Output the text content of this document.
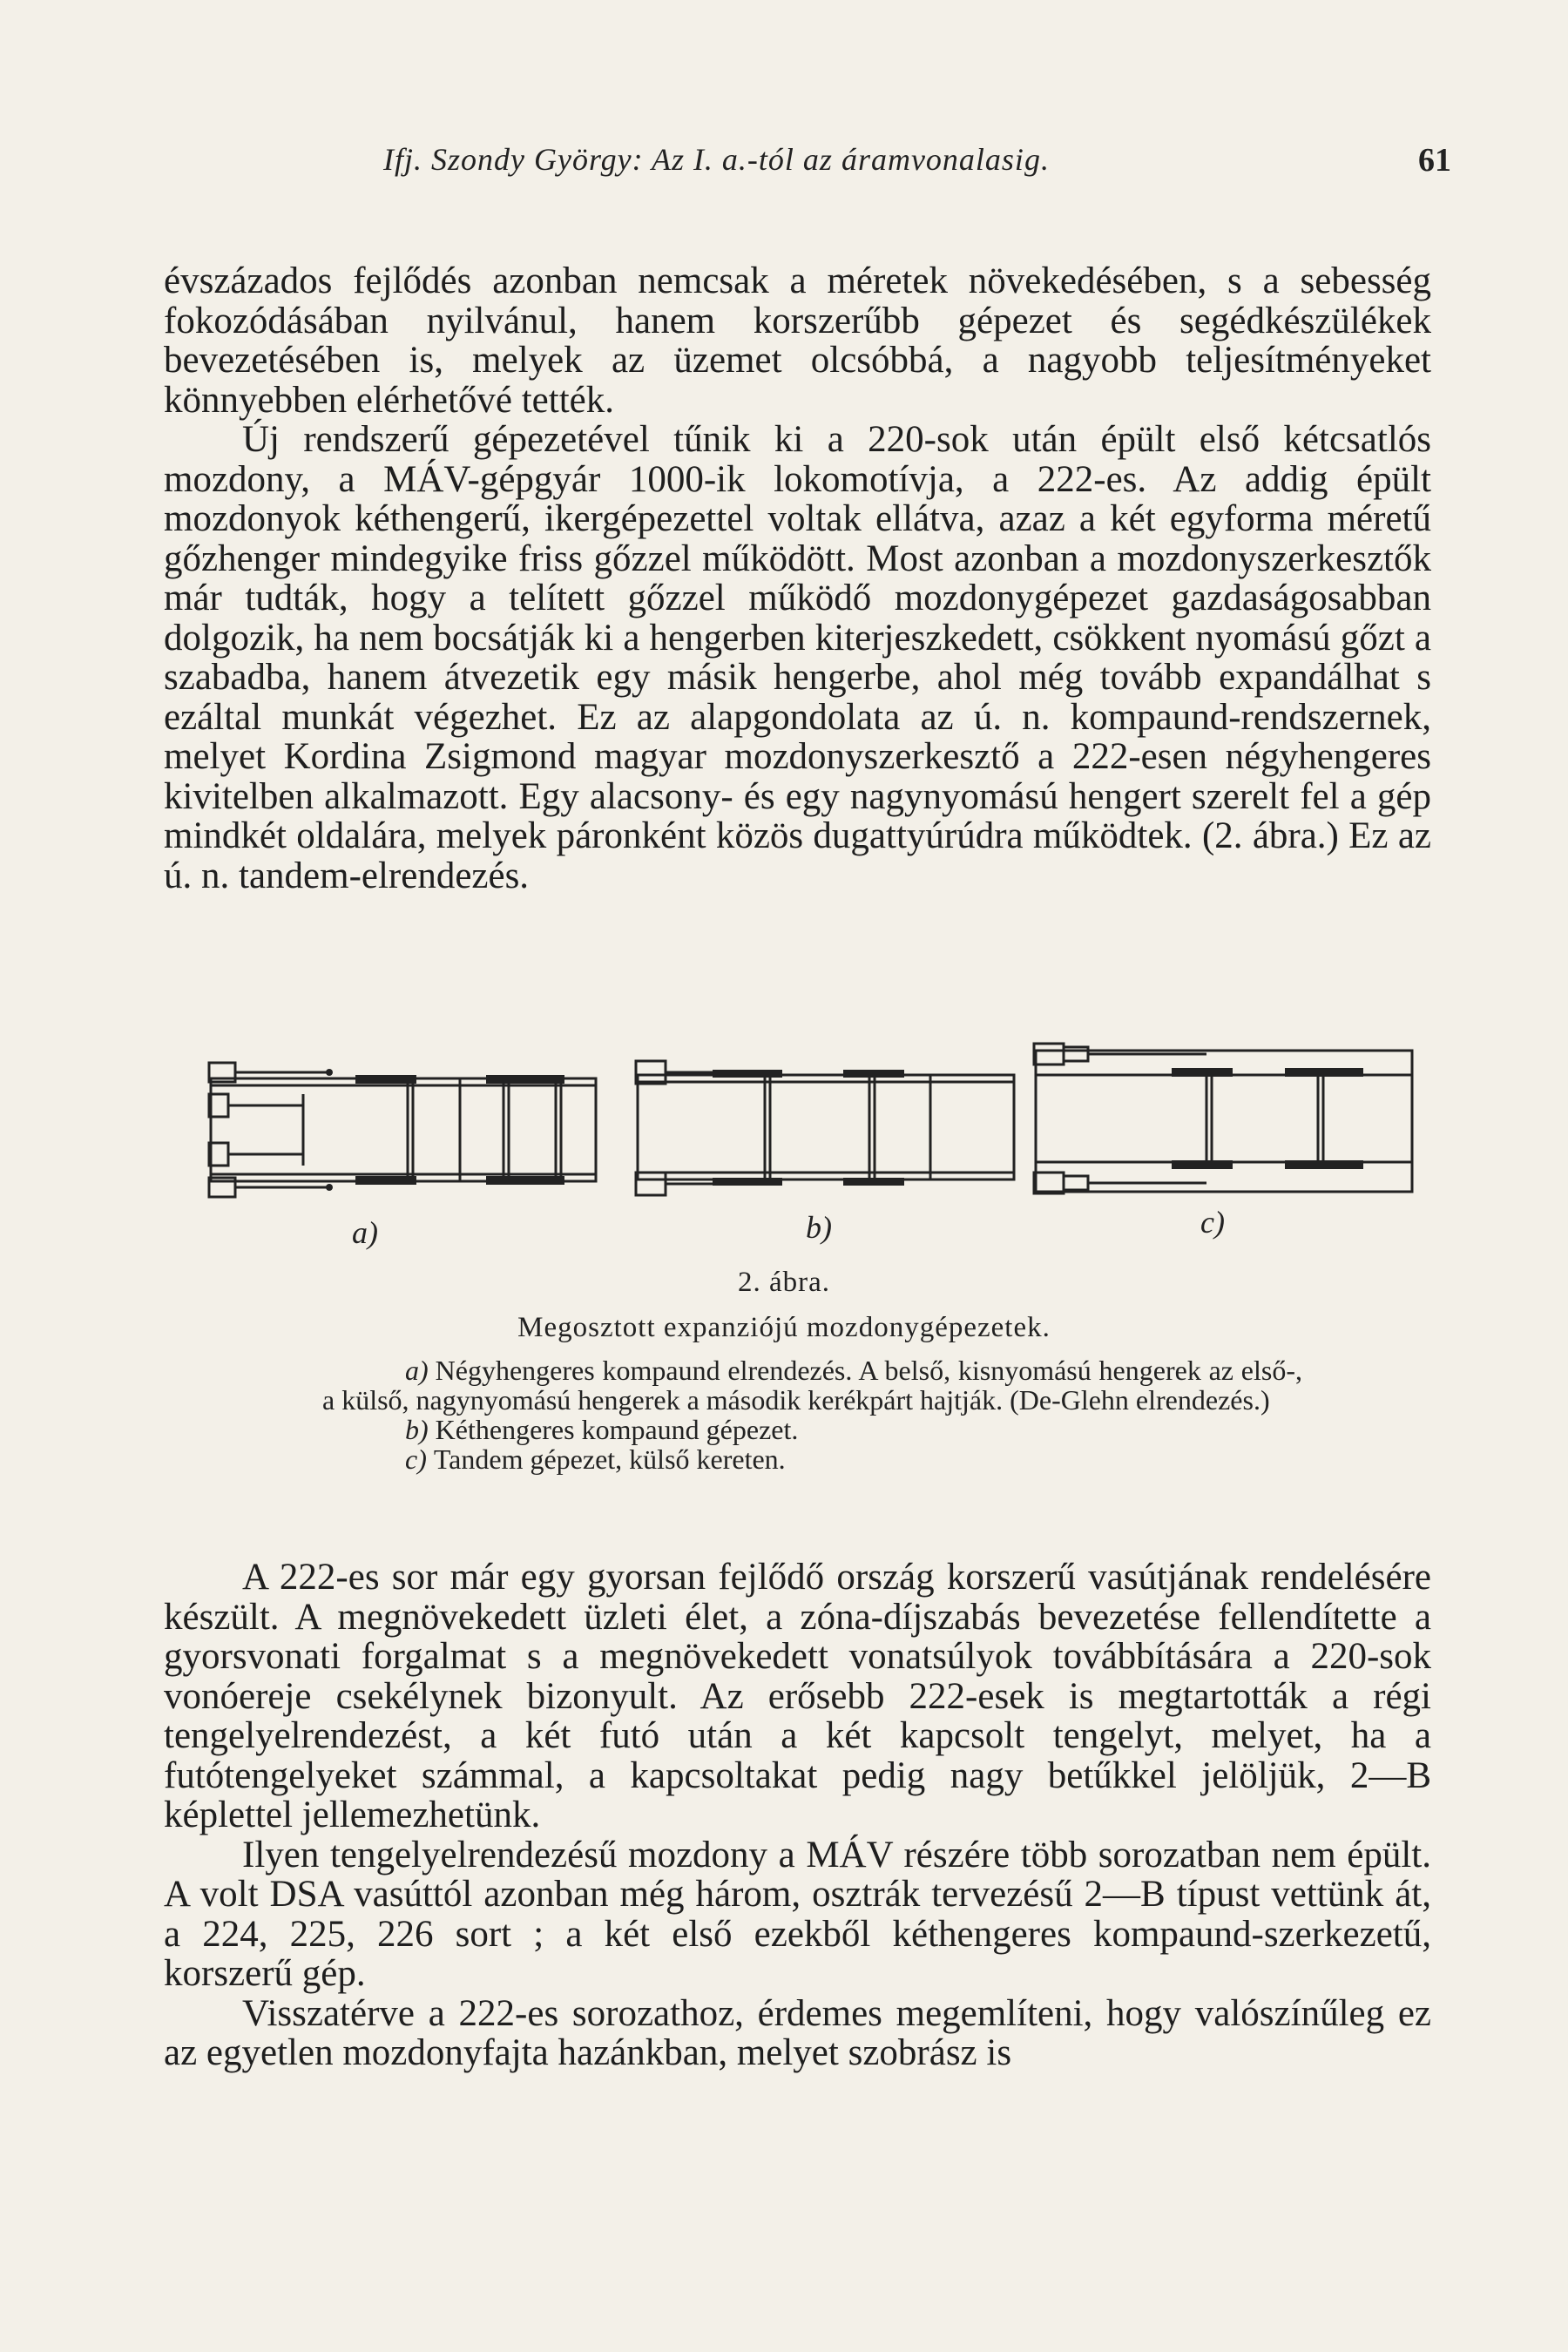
Ifj. Szondy György: Az I. a.-tól az áramvonalasig.	61

évszázados fejlődés azonban nemcsak a méretek növekedésében, s a sebesség fokozódásában nyilvánul, hanem korszerűbb gépezet és segédkészülékek bevezetésében is, melyek az üzemet olcsóbbá, a nagyobb teljesítményeket könnyebben elérhetővé tették.

Új rendszerű gépezetével tűnik ki a 220-sok után épült első kétcsatlós mozdony, a MÁV-gépgyár 1000-ik lokomotívja, a 222-es. Az addig épült mozdonyok kéthengerű, ikergépezettel voltak ellátva, azaz a két egyforma méretű gőzhenger mindegyike friss gőzzel működött. Most azonban a mozdonyszerkesztők már tudták, hogy a telített gőzzel működő mozdonygépezet gazdaságosabban dolgozik, ha nem bocsátják ki a hengerben kiterjeszkedett, csökkent nyomású gőzt a szabadba, hanem átvezetik egy másik hengerbe, ahol még tovább expandálhat s ezáltal munkát végezhet. Ez az alapgondolata az ú. n. kompaund-rendszernek, melyet Kordina Zsigmond magyar mozdonyszerkesztő a 222-esen négyhengeres kivitelben alkalmazott. Egy alacsony- és egy nagynyomású hengert szerelt fel a gép mindkét oldalára, melyek páronként közös dugattyúrúdra működtek. (2. ábra.) Ez az ú. n. tandem-elrendezés.

a)	b)	c)
2. ábra.
Megosztott expanziójú mozdonygépezetek.
a) Négyhengeres kompaund elrendezés. A belső, kisnyomású hengerek az első-, a külső, nagynyomású hengerek a második kerékpárt hajtják. (De-Glehn elrendezés.)
b) Kéthengeres kompaund gépezet.
c) Tandem gépezet, külső kereten.

A 222-es sor már egy gyorsan fejlődő ország korszerű vasútjának rendelésére készült. A megnövekedett üzleti élet, a zóna-díjszabás bevezetése fellendítette a gyorsvonati forgalmat s a megnövekedett vonatsúlyok továbbítására a 220-sok vonóereje csekélynek bizonyult. Az erősebb 222-esek is megtartották a régi tengelyelrendezést, a két futó után a két kapcsolt tengelyt, melyet, ha a futótengelyeket számmal, a kapcsoltakat pedig nagy betűkkel jelöljük, 2—B képlettel jellemezhetünk.

Ilyen tengelyelrendezésű mozdony a MÁV részére több sorozatban nem épült. A volt DSA vasúttól azonban még három, osztrák tervezésű 2—B típust vettünk át, a 224, 225, 226 sort ; a két első ezekből kéthengeres kompaund-szerkezetű, korszerű gép.

Visszatérve a 222-es sorozathoz, érdemes megemlíteni, hogy valószínűleg ez az egyetlen mozdonyfajta hazánkban, melyet szobrász is
